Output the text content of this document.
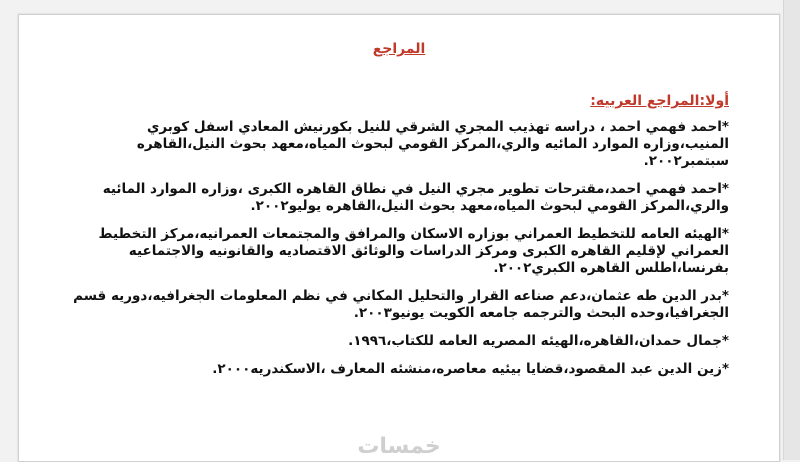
المراجع
أولا:المراجع العربيه:

*احمد فهمي احمد ، دراسه تهذيب المجري الشرقي للنيل بكورنيش المعادي اسفل كوبري المنيب،وزاره الموارد المائيه والري،المركز القومي لبحوث المياه،معهد بحوث النيل،القاهره سبتمبر٢٠٠٢.

*احمد فهمي احمد،مقترحات تطوير مجري النيل في نطاق القاهره الكبرى ،وزاره الموارد المائيه والري،المركز القومي لبحوث المياه،معهد بحوث النيل،القاهره يوليو٢٠٠٢.

*الهيئه العامه للتخطيط العمراني بوزاره الاسكان والمرافق والمجتمعات العمرانيه،مركز التخطيط العمراني لإقليم القاهره الكبرى ومركز الدراسات والوثائق الاقتصاديه والقانونيه والاجتماعيه بفرنسا،اطلس القاهره الكبري٢٠٠٢.

*بدر الدين طه عثمان،دعم صناعه القرار والتحليل المكاني في نظم المعلومات الجغرافيه،دوريه قسم الجغرافيا،وحده البحث والترجمه جامعه الكويت يونيو٢٠٠٣.

*جمال حمدان،القاهره،الهيئه المصريه العامه للكتاب،١٩٩٦.

*زين الدين عبد المقصود،قضايا بيئيه معاصره،منشئه المعارف ،الاسكندريه٢٠٠٠.

خمسات
